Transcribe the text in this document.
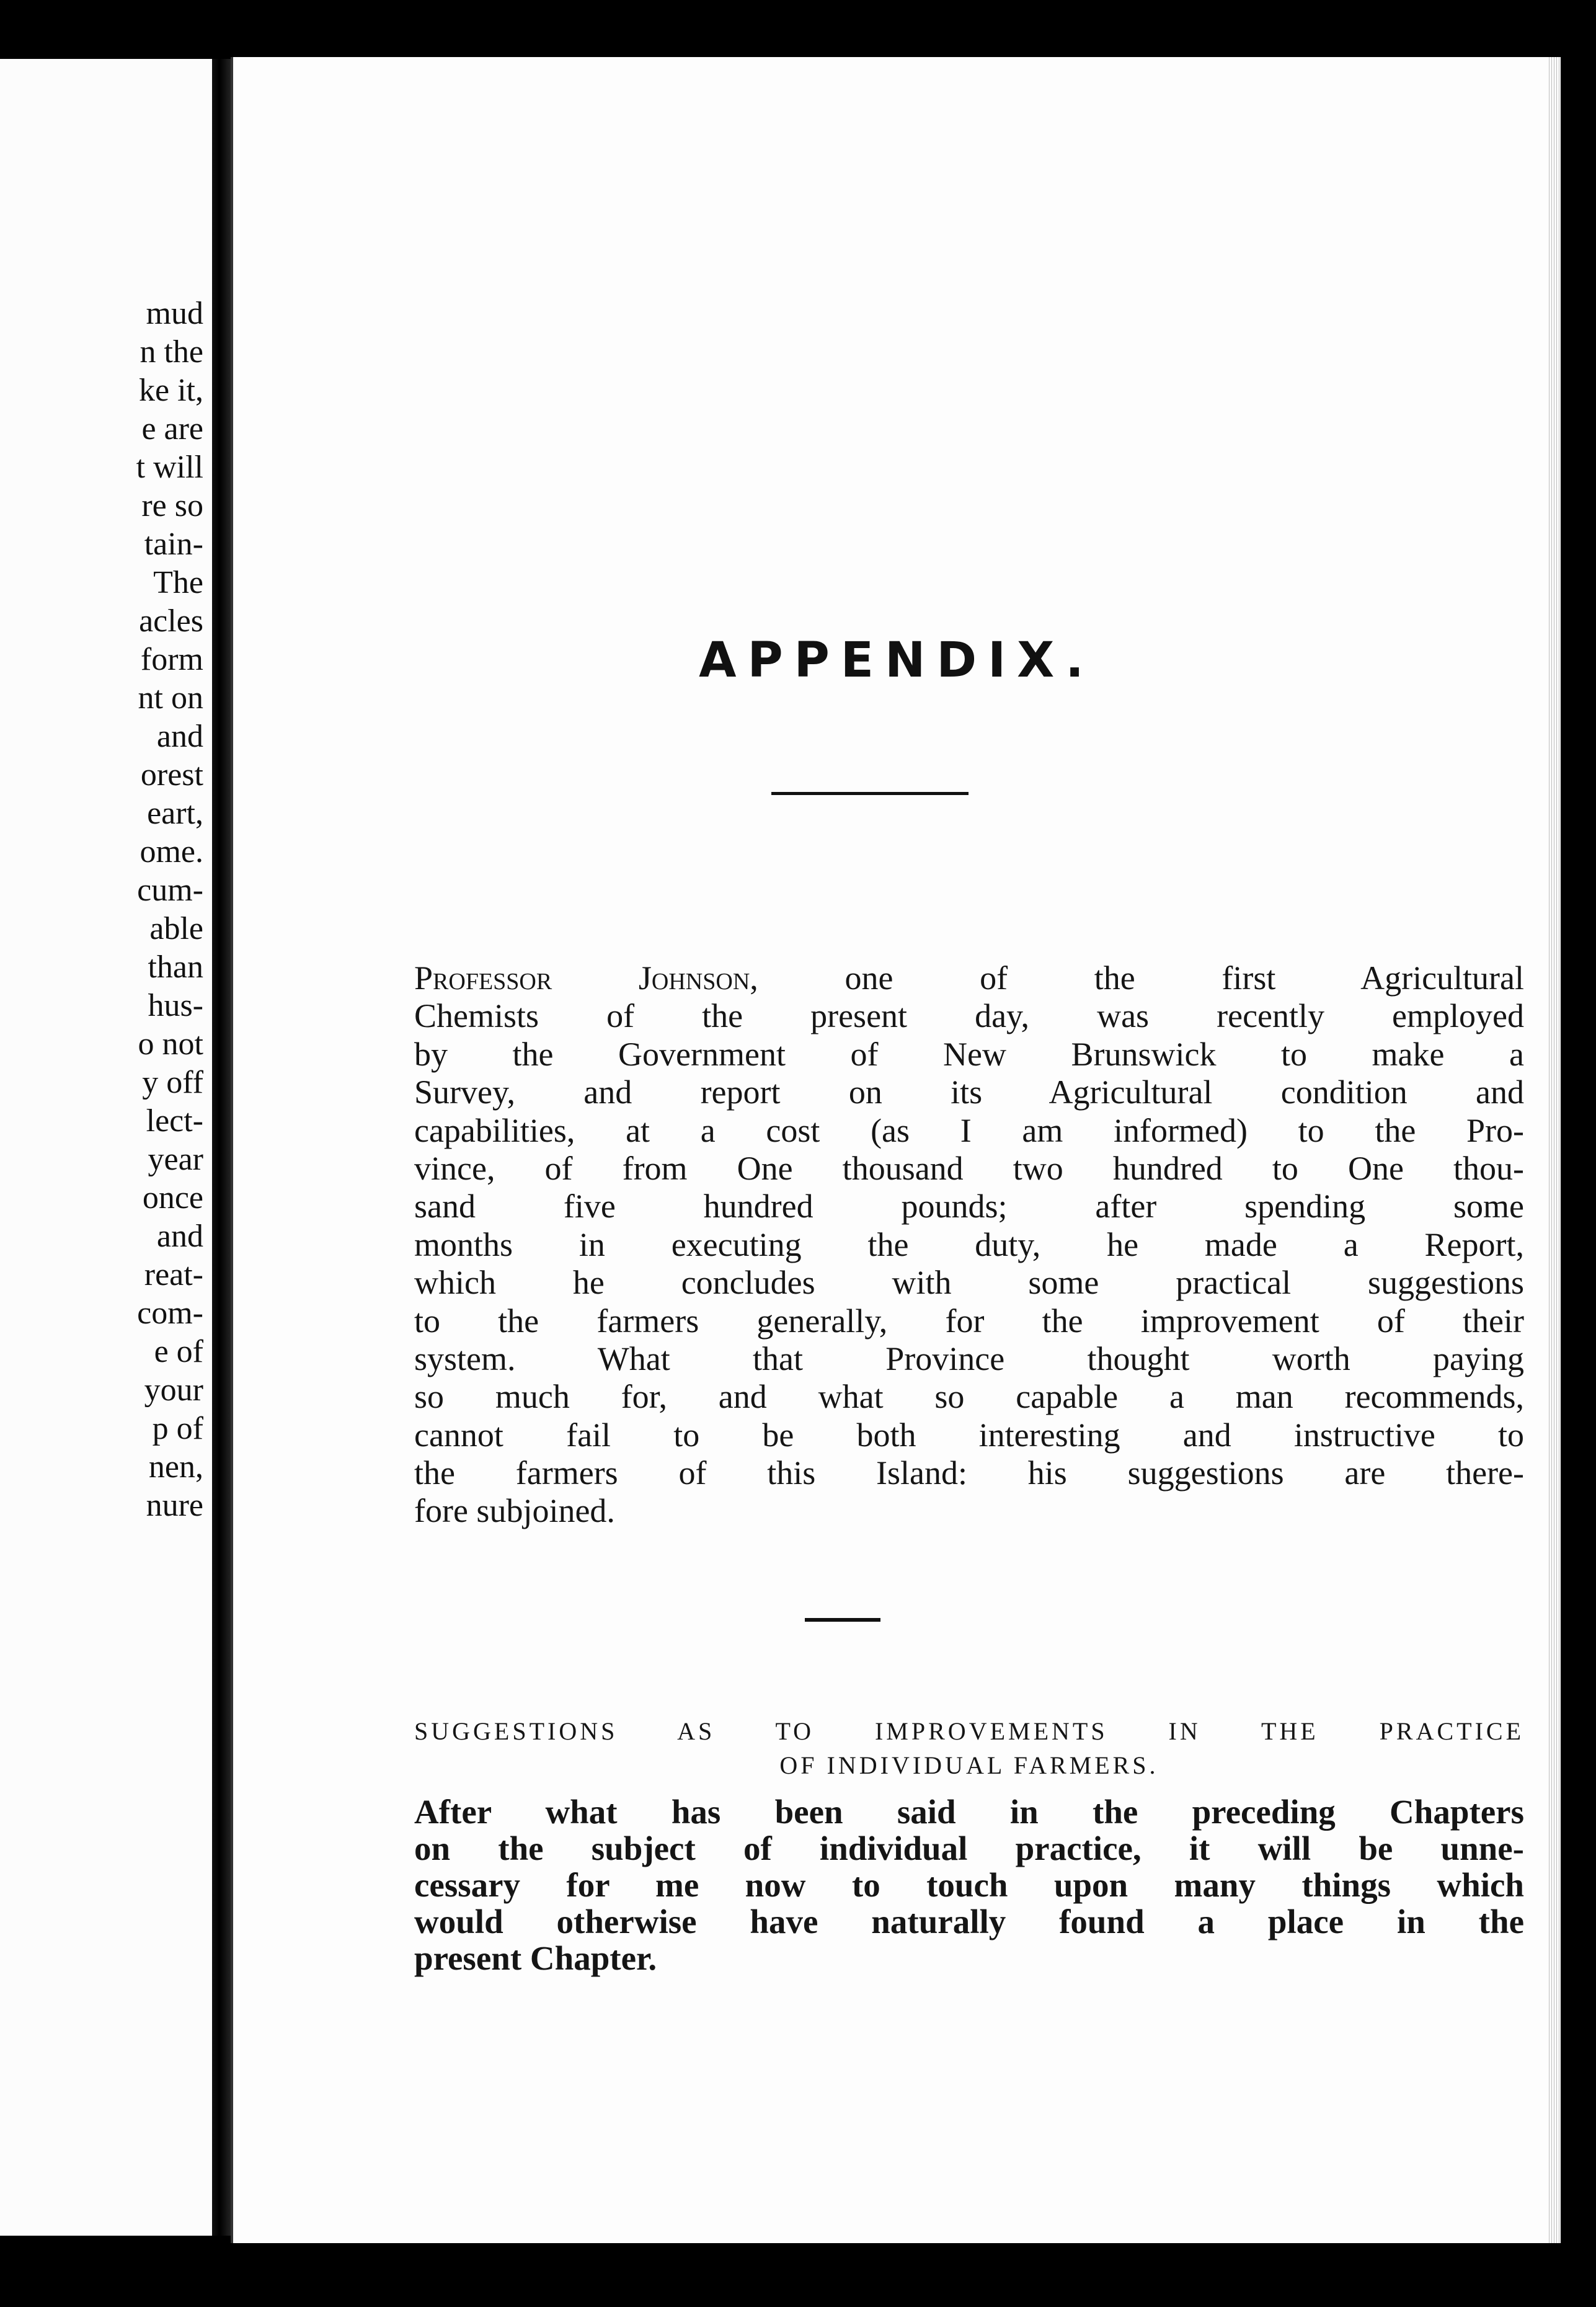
mud
n the
ke it,
e are
t will
re so
tain-
The
acles
form
nt on
and
orest
eart,
ome.
cum-
able
than
hus-
o not
y off
lect-
year
once
and
reat-
com-
e of
your
p of
nen,
nure
APPENDIX.
Professor Johnson,	one of the first Agricultural
Chemists of the present day, was recently employed
by the Government of New Brunswick to make a
Survey, and report on its Agricultural condition and
capabilities, at a cost (as I am informed) to the Pro-
vince, of from One thousand two hundred to One thou-
sand five hundred pounds; after spending some
months in executing the duty, he made a Report,
which he concludes with some practical suggestions
to the farmers generally, for the improvement of their
system. What that Province thought worth paying
so much for, and what so capable a man recommends,
cannot fail to be both interesting and instructive to
the farmers of this Island: his suggestions are there-
fore subjoined.
SUGGESTIONS AS TO IMPROVEMENTS IN THE PRACTICE
OF INDIVIDUAL FARMERS.
After what has been said in the preceding Chapters
on the subject of individual practice, it will be unne-
cessary for me now to touch upon many things which
would otherwise have naturally found a place in the
present Chapter.
